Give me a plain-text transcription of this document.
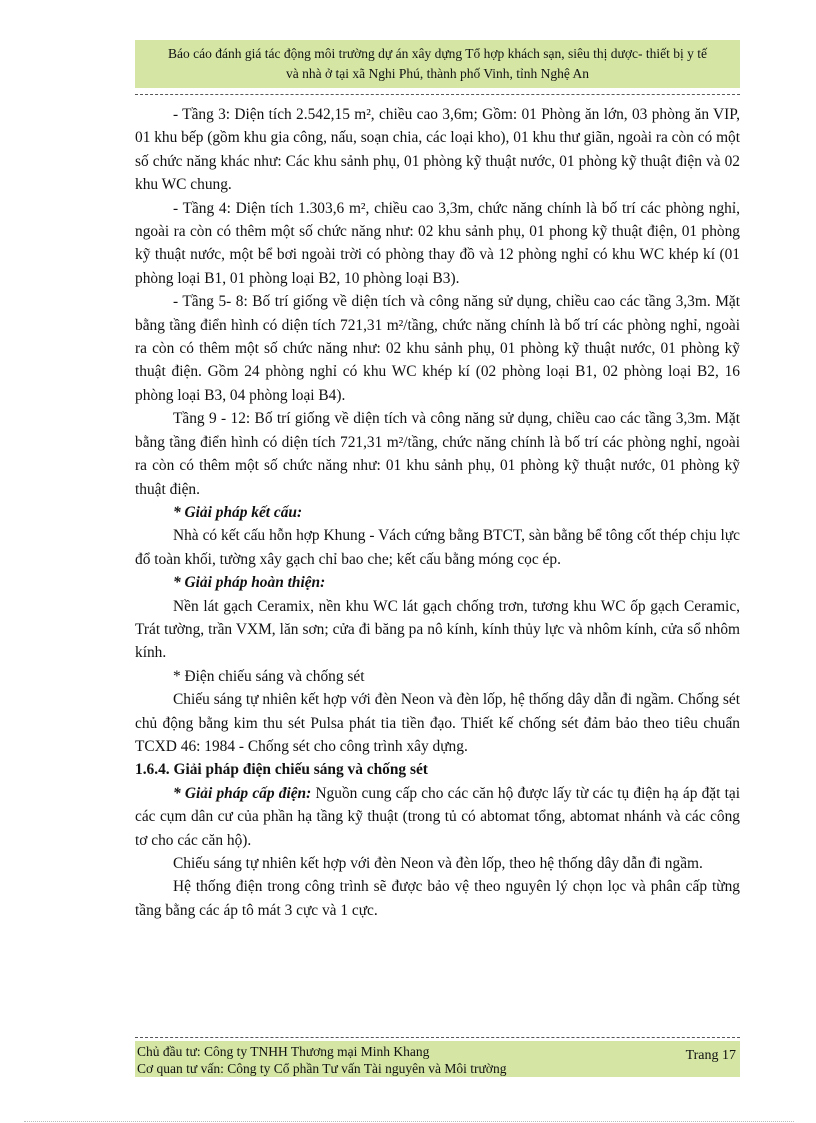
Báo cáo đánh giá tác động môi trường dự án xây dựng Tổ hợp khách sạn, siêu thị dược- thiết bị y tế
và nhà ở tại xã Nghi Phú, thành phố Vinh, tỉnh Nghệ An

- Tầng 3: Diện tích 2.542,15 m², chiều cao 3,6m; Gồm: 01 Phòng ăn lớn, 03 phòng ăn VIP, 01 khu bếp (gồm khu gia công, nấu, soạn chia, các loại kho), 01 khu thư giãn, ngoài ra còn có một số chức năng khác như: Các khu sảnh phụ, 01 phòng kỹ thuật nước, 01 phòng kỹ thuật điện và 02 khu WC chung.

- Tầng 4: Diện tích 1.303,6 m², chiều cao 3,3m, chức năng chính là bố trí các phòng nghỉ, ngoài ra còn có thêm một số chức năng như: 02 khu sảnh phụ, 01 phong kỹ thuật điện, 01 phòng kỹ thuật nước, một bể bơi ngoài trời có phòng thay đồ và 12 phòng nghỉ có khu WC khép kí (01 phòng loại B1, 01 phòng loại B2, 10 phòng loại B3).

- Tầng 5- 8: Bố trí giống về diện tích và công năng sử dụng, chiều cao các tầng 3,3m. Mặt bằng tầng điển hình có diện tích 721,31 m²/tầng, chức năng chính là bố trí các phòng nghỉ, ngoài ra còn có thêm một số chức năng như: 02 khu sảnh phụ, 01 phòng kỹ thuật nước, 01 phòng kỹ thuật điện. Gồm 24 phòng nghỉ có khu WC khép kí (02 phòng loại B1, 02 phòng loại B2, 16 phòng loại B3, 04 phòng loại B4).

Tầng 9 - 12: Bố trí giống về diện tích và công năng sử dụng, chiều cao các tầng 3,3m. Mặt bằng tầng điển hình có diện tích 721,31 m²/tầng, chức năng chính là bố trí các phòng nghỉ, ngoài ra còn có thêm một số chức năng như: 01 khu sảnh phụ, 01 phòng kỹ thuật nước, 01 phòng kỹ thuật điện.

* Giải pháp kết cấu:

Nhà có kết cấu hỗn hợp Khung - Vách cứng bằng BTCT, sàn bằng bể tông cốt thép chịu lực đổ toàn khối, tường xây gạch chỉ bao che; kết cấu bằng móng cọc ép.

* Giải pháp hoàn thiện:

Nền lát gạch Ceramix, nền khu WC lát gạch chống trơn, tương khu WC ốp gạch Ceramic, Trát tường, trần VXM, lăn sơn; cửa đi băng pa nô kính, kính thủy lực và nhôm kính, cửa sổ nhôm kính.

* Điện chiếu sáng và chống sét

Chiếu sáng tự nhiên kết hợp với đèn Neon và đèn lốp, hệ thống dây dẫn đi ngầm. Chống sét chủ động bằng kim thu sét Pulsa phát tia tiền đạo. Thiết kế chống sét đảm bảo theo tiêu chuẩn TCXD 46: 1984 - Chống sét cho công trình xây dựng.

1.6.4. Giải pháp điện chiếu sáng và chống sét

* Giải pháp cấp điện: Nguồn cung cấp cho các căn hộ được lấy từ các tụ điện hạ áp đặt tại các cụm dân cư của phần hạ tầng kỹ thuật (trong tủ có abtomat tổng, abtomat nhánh và các công tơ cho các căn hộ).

Chiếu sáng tự nhiên kết hợp với đèn Neon và đèn lốp, theo hệ thống dây dẫn đi ngầm.

Hệ thống điện trong công trình sẽ được bảo vệ theo nguyên lý chọn lọc và phân cấp từng tầng bằng các áp tô mát 3 cực và 1 cực.

Chủ đầu tư: Công ty TNHH Thương mại Minh Khang
Cơ quan tư vấn: Công ty Cổ phần Tư vấn Tài nguyên và Môi trường
Trang 17
